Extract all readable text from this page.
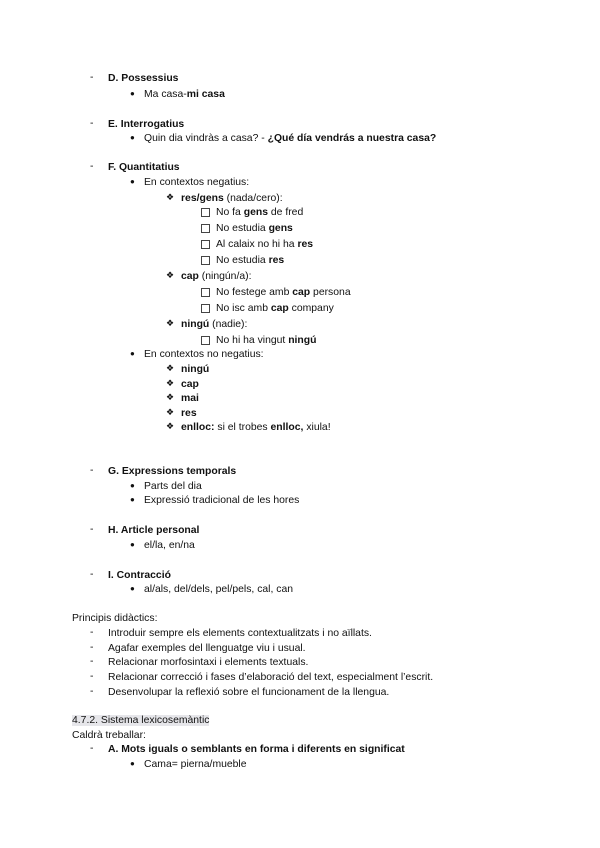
- D. Possessius
● Ma casa-mi casa
- E. Interrogatius
● Quin dia vindràs a casa? - ¿Qué día vendrás a nuestra casa?
- F. Quantitatius
● En contextos negatius:
❖ res/gens (nada/cero):
No fa gens de fred
No estudia gens
Al calaix no hi ha res
No estudia res
❖ cap (ningún/a):
No festege amb cap persona
No isc amb cap company
❖ ningú (nadie):
No hi ha vingut ningú
● En contextos no negatius:
❖ ningú
❖ cap
❖ mai
❖ res
❖ enlloc: si el trobes enlloc, xiula!
- G. Expressions temporals
● Parts del dia
● Expressió tradicional de les hores
- H. Article personal
● el/la, en/na
- I. Contracció
● al/als, del/dels, pel/pels, cal, can
Principis didàctics:
- Introduir sempre els elements contextualitzats i no aïllats.
- Agafar exemples del llenguatge viu i usual.
- Relacionar morfosintaxi i elements textuals.
- Relacionar correcció i fases d’elaboració del text, especialment l’escrit.
- Desenvolupar la reflexió sobre el funcionament de la llengua.
4.7.2. Sistema lexicosemàntic
Caldrà treballar:
- A. Mots iguals o semblants en forma i diferents en significat
● Cama= pierna/mueble
